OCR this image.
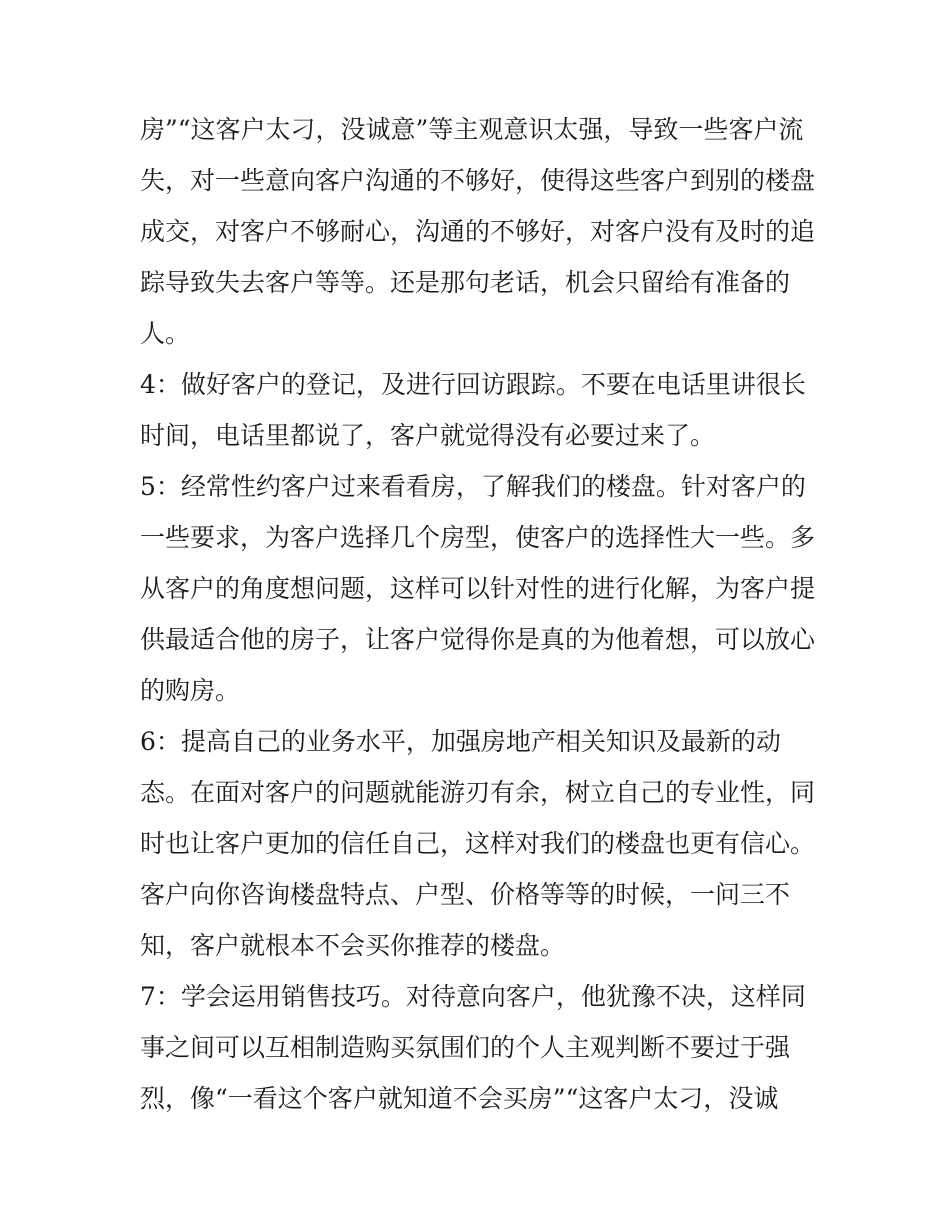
房”“这客户太刁，没诚意”等主观意识太强，导致一些客户流
失，对一些意向客户沟通的不够好，使得这些客户到别的楼盘
成交，对客户不够耐心，沟通的不够好，对客户没有及时的追
踪导致失去客户等等。还是那句老话，机会只留给有准备的
人。
4：做好客户的登记，及进行回访跟踪。不要在电话里讲很长
时间，电话里都说了，客户就觉得没有必要过来了。
5：经常性约客户过来看看房，了解我们的楼盘。针对客户的
一些要求，为客户选择几个房型，使客户的选择性大一些。多
从客户的角度想问题，这样可以针对性的进行化解，为客户提
供最适合他的房子，让客户觉得你是真的为他着想，可以放心
的购房。
6：提高自己的业务水平，加强房地产相关知识及最新的动
态。在面对客户的问题就能游刃有余，树立自己的专业性，同
时也让客户更加的信任自己，这样对我们的楼盘也更有信心。
客户向你咨询楼盘特点、户型、价格等等的时候，一问三不
知，客户就根本不会买你推荐的楼盘。
7：学会运用销售技巧。对待意向客户，他犹豫不决，这样同
事之间可以互相制造购买氛围们的个人主观判断不要过于强
烈，像“一看这个客户就知道不会买房”“这客户太刁，没诚
